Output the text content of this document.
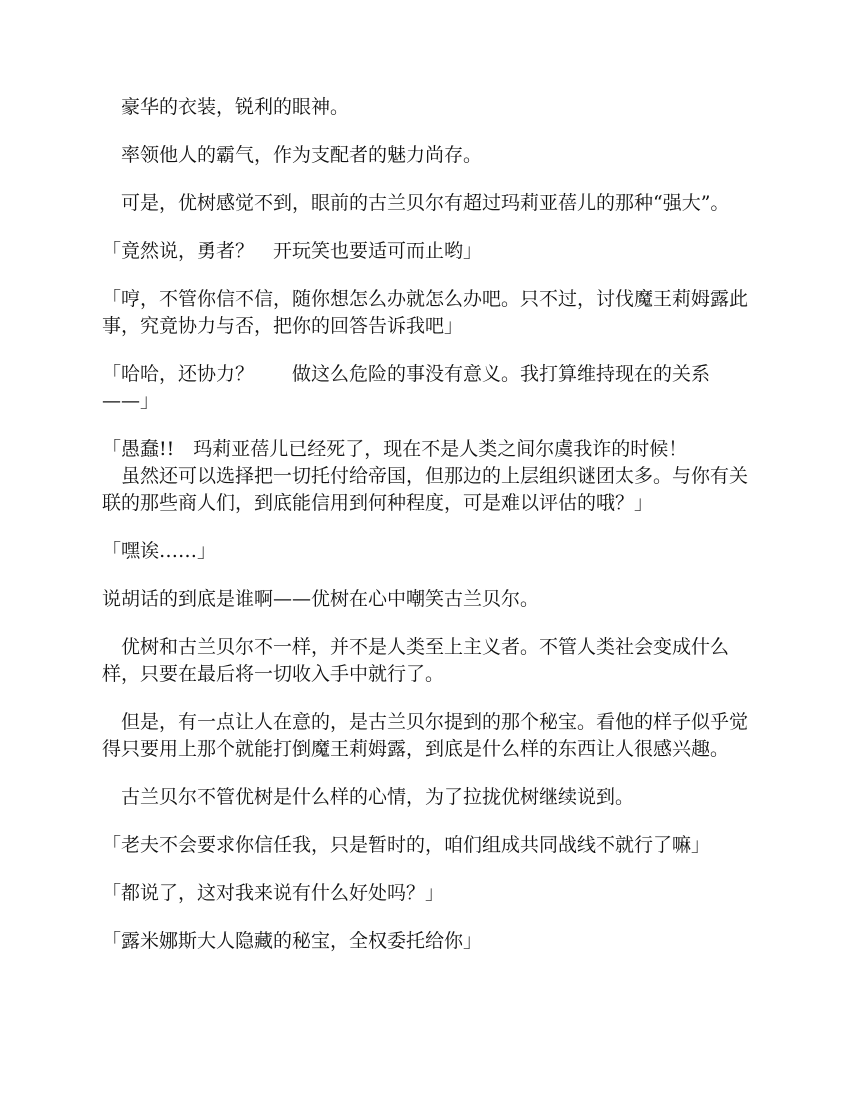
豪华的衣装，锐利的眼神。

率领他人的霸气，作为支配者的魅力尚存。

可是，优树感觉不到，眼前的古兰贝尔有超过玛莉亚蓓儿的那种“强大”。

「竟然说，勇者？　开玩笑也要适可而止哟」

「哼，不管你信不信，随你想怎么办就怎么办吧。只不过，讨伐魔王莉姆露此事，究竟协力与否，把你的回答告诉我吧」

「哈哈，还协力？　　做这么危险的事没有意义。我打算维持现在的关系——」

「愚蠢!!　玛莉亚蓓儿已经死了，现在不是人类之间尔虞我诈的时候！
　虽然还可以选择把一切托付给帝国，但那边的上层组织谜团太多。与你有关联的那些商人们，到底能信用到何种程度，可是难以评估的哦？」

「嘿诶……」

说胡话的到底是谁啊——优树在心中嘲笑古兰贝尔。

优树和古兰贝尔不一样，并不是人类至上主义者。不管人类社会变成什么样，只要在最后将一切收入手中就行了。

但是，有一点让人在意的，是古兰贝尔提到的那个秘宝。看他的样子似乎觉得只要用上那个就能打倒魔王莉姆露，到底是什么样的东西让人很感兴趣。

古兰贝尔不管优树是什么样的心情，为了拉拢优树继续说到。

「老夫不会要求你信任我，只是暂时的，咱们组成共同战线不就行了嘛」

「都说了，这对我来说有什么好处吗？」

「露米娜斯大人隐藏的秘宝，全权委托给你」
